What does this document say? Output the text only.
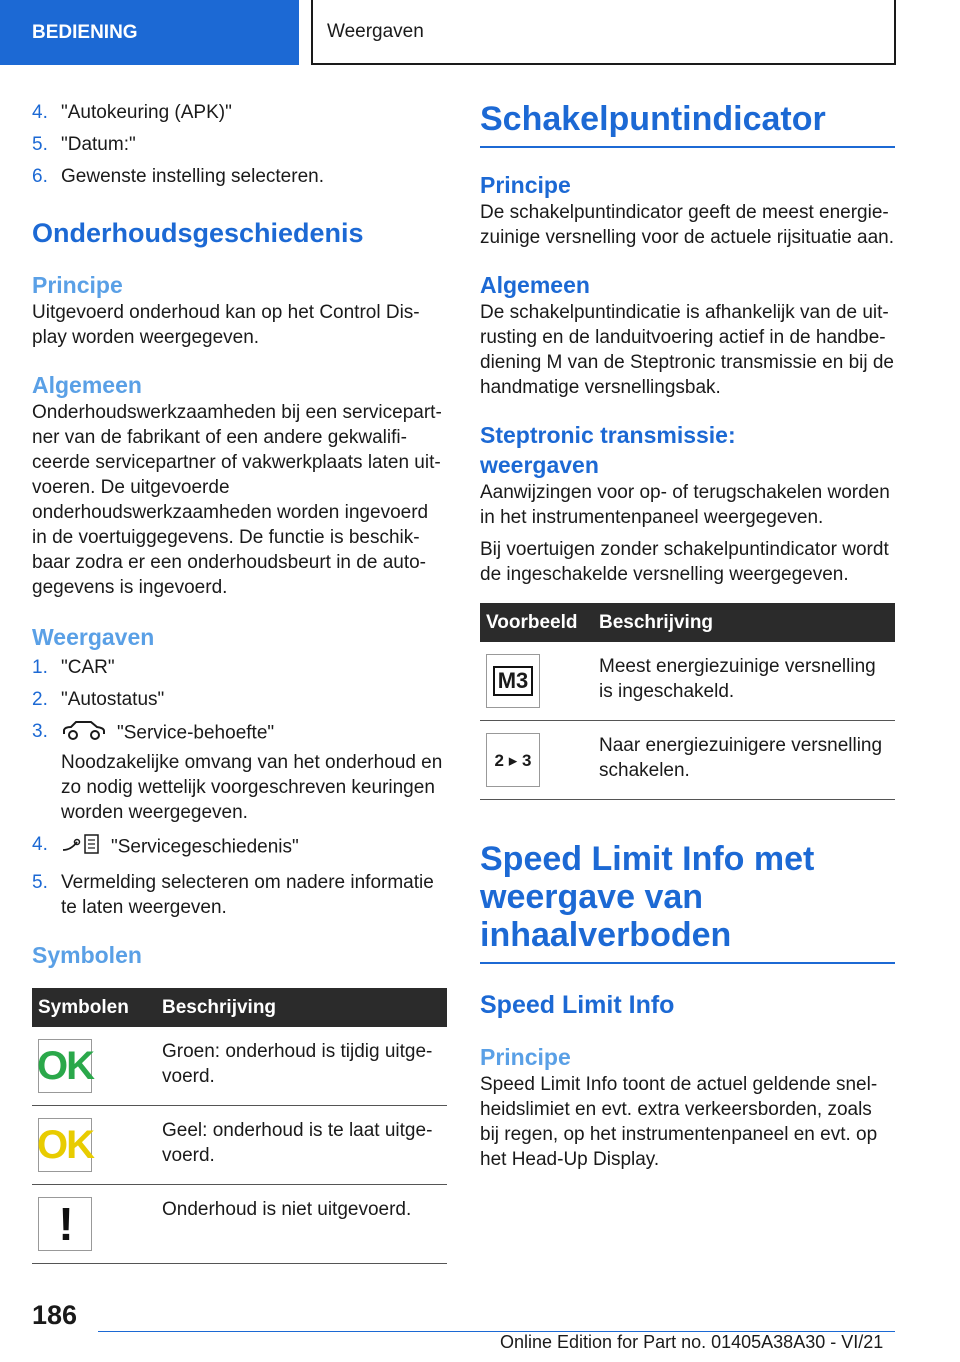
BEDIENING	Weergaven
4. "Autokeuring (APK)"
5. "Datum:"
6. Gewenste instelling selecteren.
Onderhoudsgeschiedenis
Principe

Uitgevoerd onderhoud kan op het Control Dis-play worden weergegeven.

Algemeen

Onderhoudswerkzaamheden bij een servicepart-ner van de fabrikant of een andere gekwalifi-ceerde servicepartner of vakwerkplaats laten uit-voeren. De uitgevoerde onderhoudswerkzaamheden worden ingevoerd in de voertuiggegevens. De functie is beschik-baar zodra er een onderhoudsbeurt in de auto-gegevens is ingevoerd.

Weergaven
1. "CAR"
2. "Autostatus"
3.	"Service-behoefte"
Noodzakelijke omvang van het onderhoud en zo nodig wettelijk voorgeschreven keuringen worden weergegeven.
4.	"Servicegeschiedenis"
5. Vermelding selecteren om nadere informatie te laten weergeven.
Symbolen
Symbolen	Beschrijving

OK	Groen: onderhoud is tijdig uitge-voerd.

OK	Geel: onderhoud is te laat uitge-voerd.

!	Onderhoud is niet uitgevoerd.
Schakelpuntindicator
Principe

De schakelpuntindicator geeft de meest energie-zuinige versnelling voor de actuele rijsituatie aan.

Algemeen

De schakelpuntindicatie is afhankelijk van de uit-rusting en de landuitvoering actief in de handbe-diening M van de Steptronic transmissie en bij de handmatige versnellingsbak.

Steptronic transmissie: weergaven

Aanwijzingen voor op- of terugschakelen worden in het instrumentenpaneel weergegeven.

Bij voertuigen zonder schakelpuntindicator wordt de ingeschakelde versnelling weergegeven.

Voorbeeld	Beschrijving

M3	Meest energiezuinige versnelling is ingeschakeld.

2 ▸ 3	Naar energiezuinigere versnelling schakelen.
Speed Limit Info met weergave van inhaalverboden
Speed Limit Info
Principe

Speed Limit Info toont de actuel geldende snel-heidslimiet en evt. extra verkeersborden, zoals bij regen, op het instrumentenpaneel en evt. op het Head-Up Display.

186
Online Edition for Part no. 01405A38A30 - VI/21
